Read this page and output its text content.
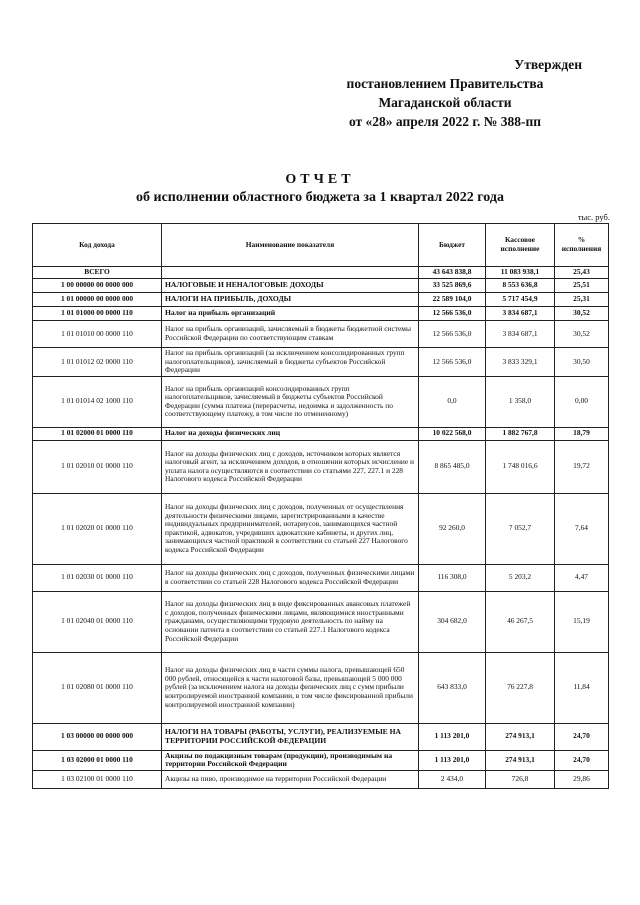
Утвержден
постановлением Правительства
Магаданской области
от «28» апреля 2022 г. № 388-пп
ОТЧЕТ
об исполнении областного бюджета за 1 квартал 2022 года
тыс. руб.
Код дохода	Наименование показателя	Бюджет	Кассовое исполнение	% исполнения
ВСЕГО		43 643 838,8	11 083 938,1	25,43
1 00 00000 00 0000 000	НАЛОГОВЫЕ И НЕНАЛОГОВЫЕ ДОХОДЫ	33 525 869,6	8 553 636,8	25,51
1 01 00000 00 0000 000	НАЛОГИ НА ПРИБЫЛЬ, ДОХОДЫ	22 589 104,0	5 717 454,9	25,31
1 01 01000 00 0000 110	Налог на прибыль организаций	12 566 536,0	3 834 687,1	30,52
1 01 01010 00 0000 110	Налог на прибыль организаций, зачисляемый в бюджеты бюджетной системы Российской Федерации по соответствующим ставкам	12 566 536,0	3 834 687,1	30,52
1 01 01012 02 0000 110	Налог на прибыль организаций (за исключением консолидированных групп налогоплательщиков), зачисляемый в бюджеты субъектов Российской Федерации	12 566 536,0	3 833 329,1	30,50
1 01 01014 02 1000 110	Налог на прибыль организаций консолидированных групп налогоплательщиков, зачисляемый в бюджеты субъектов Российской Федерации (сумма платежа (перерасчеты, недоимка и задолженность по соответствующему платежу, в том числе по отмененному)	0,0	1 358,0	0,00
1 01 02000 01 0000 110	Налог на доходы физических лиц	10 022 568,0	1 882 767,8	18,79
1 01 02010 01 0000 110	Налог на доходы физических лиц с доходов, источником которых является налоговый агент, за исключением доходов, в отношении которых исчисление и уплата налога осуществляются в соответствии со статьями 227, 227.1 и 228 Налогового кодекса Российской Федерации	8 865 485,0	1 748 016,6	19,72
1 01 02020 01 0000 110	Налог на доходы физических лиц с доходов, полученных от осуществления деятельности физическими лицами, зарегистрированными в качестве индивидуальных предпринимателей, нотариусов, занимающихся частной практикой, адвокатов, учредивших адвокатские кабинеты, и других лиц, занимающихся частной практикой в соответствии со статьей 227 Налогового кодекса Российской Федерации	92 260,0	7 052,7	7,64
1 01 02030 01 0000 110	Налог на доходы физических лиц с доходов, полученных физическими лицами в соответствии со статьей 228 Налогового кодекса Российской Федерации	116 308,0	5 203,2	4,47
1 01 02040 01 0000 110	Налог на доходы физических лиц в виде фиксированных авансовых платежей с доходов, полученных физическими лицами, являющимися иностранными гражданами, осуществляющими трудовую деятельность по найму на основании патента в соответствии со статьей 227.1 Налогового кодекса Российской Федерации	304 682,0	46 267,5	15,19
1 01 02080 01 0000 110	Налог на доходы физических лиц в части суммы налога, превышающей 650 000 рублей, относящейся к части налоговой базы, превышающей 5 000 000 рублей (за исключением налога на доходы физических лиц с сумм прибыли контролируемой иностранной компании, в том числе фиксированной прибыли контролируемой иностранной компании)	643 833,0	76 227,8	11,84
1 03 00000 00 0000 000	НАЛОГИ НА ТОВАРЫ (РАБОТЫ, УСЛУГИ), РЕАЛИЗУЕМЫЕ НА ТЕРРИТОРИИ РОССИЙСКОЙ ФЕДЕРАЦИИ	1 113 201,0	274 913,1	24,70
1 03 02000 01 0000 110	Акцизы по подакцизным товарам (продукции), производимым на территории Российской Федерации	1 113 201,0	274 913,1	24,70
1 03 02100 01 0000 110	Акцизы на пиво, производимое на территории Российской Федерации	2 434,0	726,8	29,86
